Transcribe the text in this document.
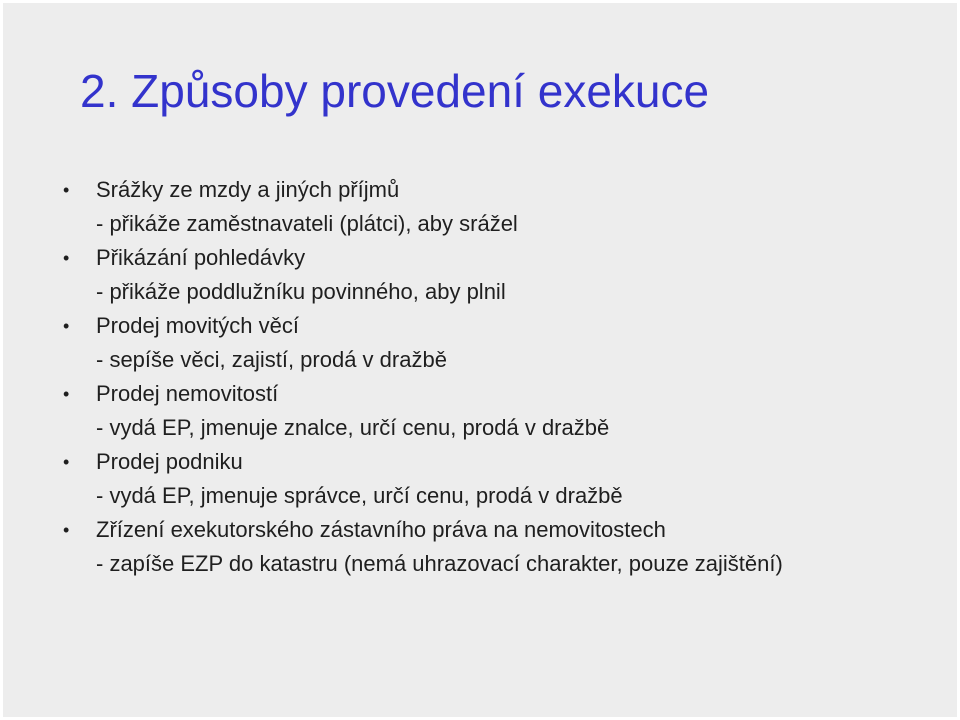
2. Způsoby provedení exekuce
• Srážky ze mzdy a jiných příjmů
- přikáže zaměstnavateli (plátci), aby srážel
• Přikázání pohledávky
- přikáže poddlužníku povinného, aby plnil
• Prodej movitých věcí
- sepíše věci, zajistí, prodá v dražbě
• Prodej nemovitostí
- vydá EP, jmenuje znalce, určí cenu, prodá v dražbě
• Prodej podniku
- vydá EP, jmenuje správce, určí cenu, prodá v dražbě
• Zřízení exekutorského zástavního práva na nemovitostech
- zapíše EZP do katastru (nemá uhrazovací charakter, pouze zajištění)
